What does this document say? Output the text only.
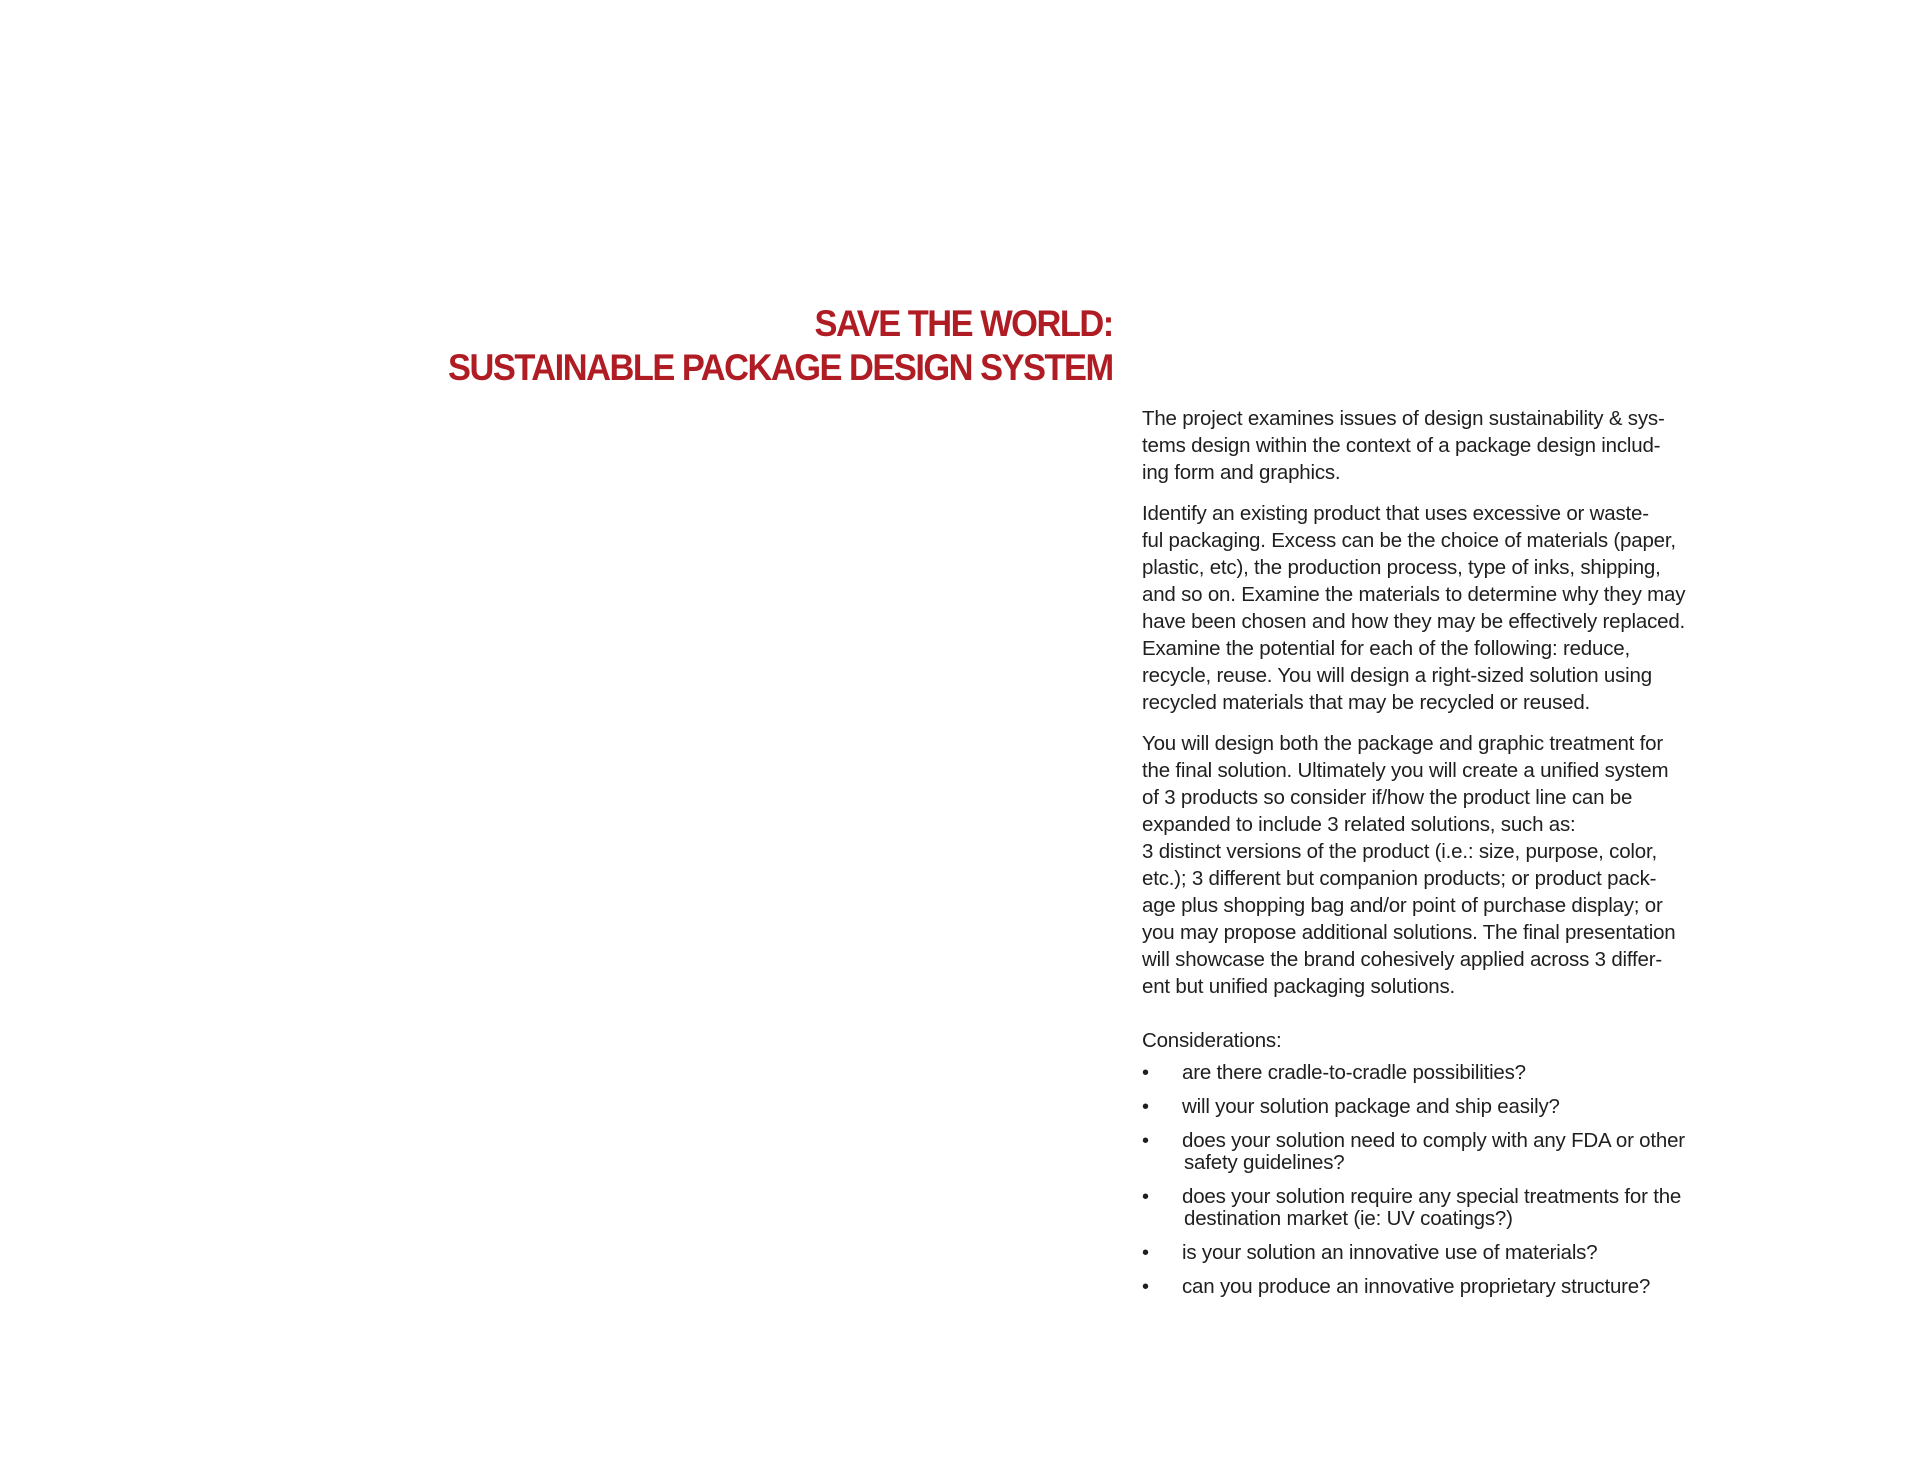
SAVE THE WORLD:
SUSTAINABLE PACKAGE DESIGN SYSTEM
The project examines issues of design sustainability & sys-
tems design within the context of a package design includ-
ing form and graphics.
Identify an existing product that uses excessive or waste-
ful packaging. Excess can be the choice of materials (paper,
plastic, etc), the production process, type of inks, shipping,
and so on. Examine the materials to determine why they may
have been chosen and how they may be effectively replaced.
Examine the potential for each of the following: reduce,
recycle, reuse. You will design a right-sized solution using
recycled materials that may be recycled or reused.
You will design both the package and graphic treatment for
the final solution. Ultimately you will create a unified system
of 3 products so consider if/how the product line can be
expanded to include 3 related solutions, such as:
3 distinct versions of the product (i.e.: size, purpose, color,
etc.); 3 different but companion products; or product pack-
age plus shopping bag and/or point of purchase display; or
you may propose additional solutions. The final presentation
will showcase the brand cohesively applied across 3 differ-
ent but unified packaging solutions.
Considerations:
• are there cradle-to-cradle possibilities?
• will your solution package and ship easily?
• does your solution need to comply with any FDA or other
safety guidelines?
• does your solution require any special treatments for the
destination market (ie: UV coatings?)
• is your solution an innovative use of materials?
• can you produce an innovative proprietary structure?
